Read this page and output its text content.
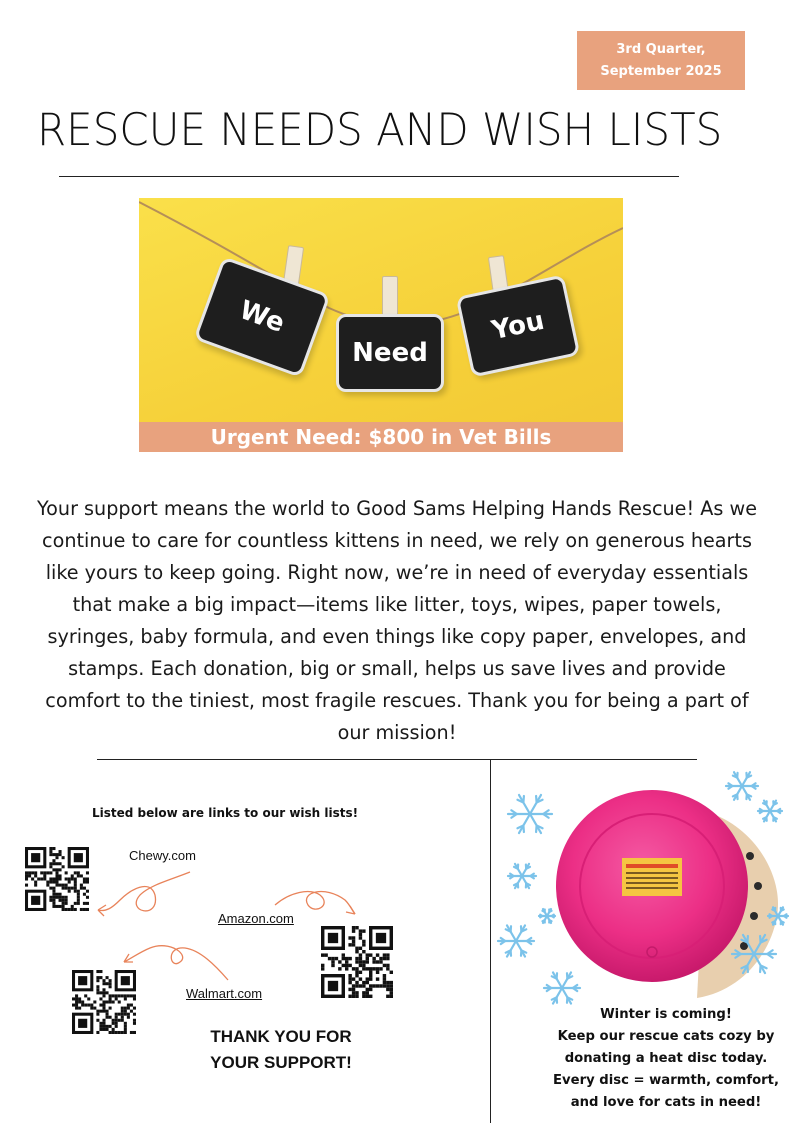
3rd Quarter,
September 2025
RESCUE NEEDS AND WISH LISTS
We
Need
You
Urgent Need: $800 in Vet Bills

Your support means the world to Good Sams Helping Hands Rescue! As we continue to care for countless kittens in need, we rely on generous hearts like yours to keep going. Right now, we’re in need of everyday essentials that make a big impact—items like litter, toys, wipes, paper towels, syringes, baby formula, and even things like copy paper, envelopes, and stamps. Each donation, big or small, helps us save lives and provide comfort to the tiniest, most fragile rescues. Thank you for being a part of our mission!

Listed below are links to our wish lists!
Chewy.com
Amazon.com
Walmart.com
THANK YOU FOR
YOUR SUPPORT!
Winter is coming!
Keep our rescue cats cozy by
donating a heat disc today.
Every disc = warmth, comfort,
and love for cats in need!
